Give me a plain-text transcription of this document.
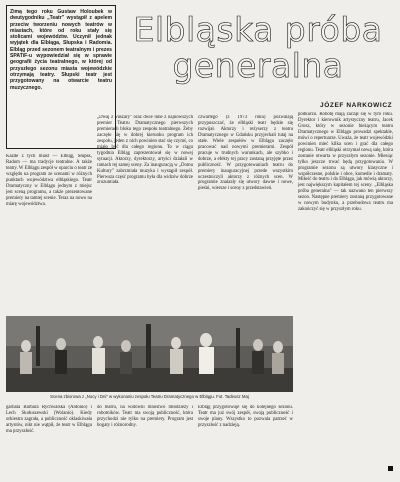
Zimą tego roku Gustaw Holoubek w dwutygodniku „Teatr" wystąpił z apelem przeciw tworzeniu nowych teatrów w miastach, które od roku stały się stolicami województw. Uczynił jednak wyjątek dla Elbląga, Słupska i Radomia. Elbląg przed sezonem teatralnym i prezes SPATiF-u wypowiedział się w sprawie geografii życia teatralnego, w której od przyszłego sezonu miasta wojewódzkie otrzymają teatry. Słupski teatr jest przygotowany na otwarcie teatru muzycznego.
Elbląska próba
generalna
JÓZEF NARKOWICZ
Każde z tych miast — Elbląg, Słupsk, Radom — ma tradycje teatralne. A także teatry. W Elblągu zespół w oparciu o teatr ze względu na program ze scenami w różnych punktach województwa elbląskiego. Teatr Dramatyczny w Elblągu jednym z miejsc jest sceną programu, a także prezentowane premiery na tamtej scenie. Teraz na nowo na miarę województwa.
„Dwaj z Vaszary" oraz dwie inne z najnowszych premier Teatru Dramatycznego pierwszych premierach bloku tego zespołu teatralnego. Żeby zaczęło się w dobrej kierunku program ich zespołu, jeden z nich powinien stać się czymś, co miało być dla całego regionu. To w ciągu tygodnia Elbląg zaprezentował się w nowej sytuacji. Aktorzy, dyrektorzy, artyści działali w ramach tej samej sceny. Za inauguracją w „Domu Kultury" zabrzmiała muzyka i wystąpił zespół. Pierwsza część programu była dla widzów dobrze zrozumiała.
czwartego (z 1973 roku) pozwalają przypuszczać, że elbląski teatr będzie się rozwijał. Aktorzy i reżyserzy z teatru Dramatycznego w Gdańsku przyjechali tutaj na stałe. Wiele zespołów w Elblągu zaczęło pracować nad nowymi premierami. Zespół pracuje w trudnych warunkach, ale szybko i dobrze, a efekty tej pracy zostaną przyjęte przez publiczność. W przygotowaniach teatru do premiery inauguracyjnej przede wszystkim uczestniczyli aktorzy z różnych scen. W programie znalazły się utwory dawne i nowe, pieśni, wiersze i sceny z przedstawień.
podkurzu. Robotę mają zaczął się w tym roku. Dyrektor i kierownik artystyczny teatru, Jacek Grosz, który w sezonie bieżącym teatru Dramatycznego w Elblągu prowadzi spektakle, mówi o repertuarze. Uważa, że teatr wojewódzki powinien mieć kilka scen i grać dla całego regionu. Teatr elbląski otrzymał nową salę, która zostanie otwarta w przyszłym sezonie. Miesiąc tylko jeszcze trwać będą przygotowania. W programie sezonu są utwory klasyczne i współczesne, polskie i obce, komedie i dramaty. Miłość do teatru i do Elbląga, jak mówią aktorzy, jest największym kapitałem tej sceny. „Elbląska próba generalna" — tak nazwano ten pierwszy sezon. Następne premiery zostaną przygotowane w nowym budynku, a przebudowa teatru ma zakończyć się w przyszłym roku.
Scena zbiorowa z „Nocy i Dni" w wykonaniu zespołu Teatru Dramatycznego w Elblągu. Fot. Tadeusz Maj
garbata Barbara Rychwalska (Antonio) i Lech Skołuszewski (Wolanio). Kiedy orkiestra zagrała, a publiczność oklaskiwała artystów, nikt nie wątpił, że teatr w Elblągu ma przyszłość.
do teatru, na widowni mnóstwo młodzieży i robotników. Teatr ma swoją publiczność, która przychodzi nie tylko na premiery. Program jest bogaty i różnorodny.
Elbląg przygotowuje się do kolejnego sezonu. Teatr ma już swój zespół, swoją publiczność i swoje plany. Wszystko to pozwala patrzeć w przyszłość z nadzieją.
